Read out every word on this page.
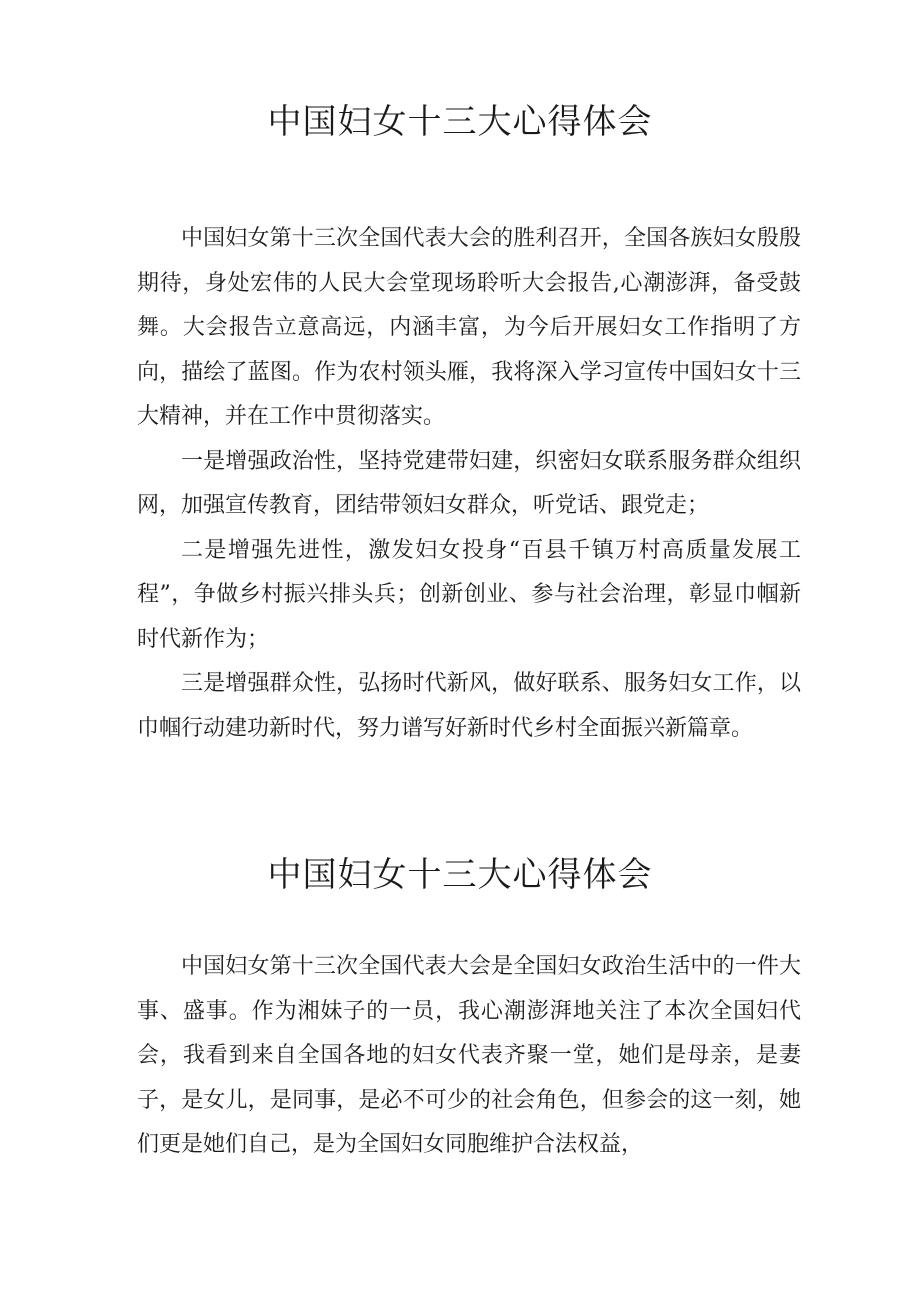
中国妇女十三大心得体会

中国妇女第十三次全国代表大会的胜利召开，全国各族妇女殷殷期待，身处宏伟的人民大会堂现场聆听大会报告,心潮澎湃，备受鼓舞。大会报告立意高远，内涵丰富，为今后开展妇女工作指明了方向，描绘了蓝图。作为农村领头雁，我将深入学习宣传中国妇女十三大精神，并在工作中贯彻落实。

一是增强政治性，坚持党建带妇建，织密妇女联系服务群众组织网，加强宣传教育，团结带领妇女群众，听党话、跟党走；

二是增强先进性，激发妇女投身“百县千镇万村高质量发展工程”，争做乡村振兴排头兵；创新创业、参与社会治理，彰显巾帼新时代新作为；

三是增强群众性，弘扬时代新风，做好联系、服务妇女工作，以巾帼行动建功新时代，努力谱写好新时代乡村全面振兴新篇章。

中国妇女十三大心得体会

中国妇女第十三次全国代表大会是全国妇女政治生活中的一件大事、盛事。作为湘妹子的一员，我心潮澎湃地关注了本次全国妇代会，我看到来自全国各地的妇女代表齐聚一堂，她们是母亲，是妻子，是女儿，是同事，是必不可少的社会角色，但参会的这一刻，她们更是她们自己，是为全国妇女同胞维护合法权益，
